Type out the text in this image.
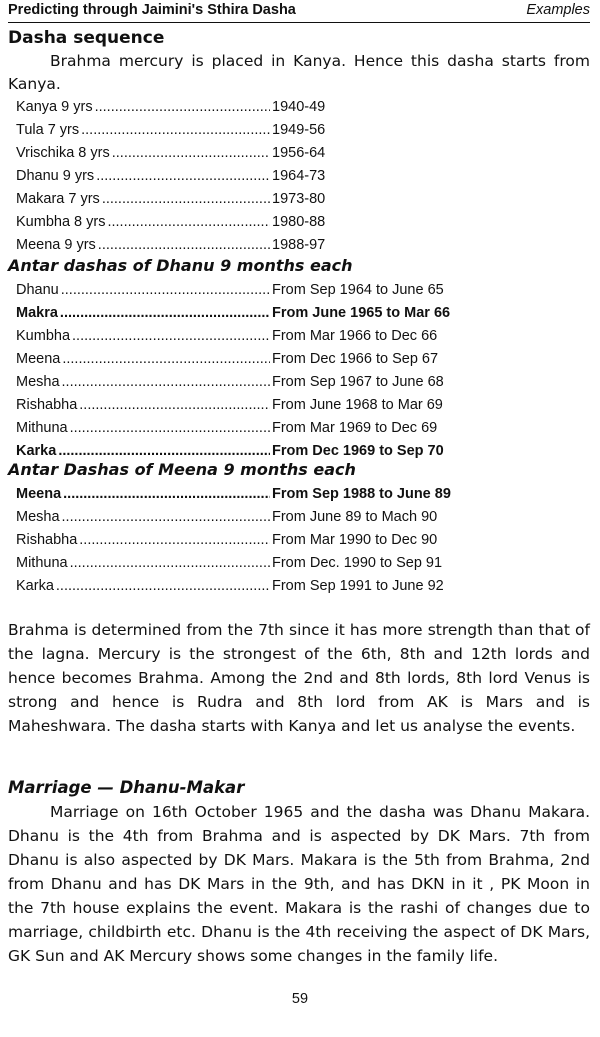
Predicting through Jaimini's Sthira Dasha	Examples
Dasha sequence
Brahma mercury is placed in Kanya. Hence this dasha starts from Kanya.
Kanya 9 yrs .....	1940-49
Tula 7 yrs .....	1949-56
Vrischika 8 yrs .....	1956-64
Dhanu 9 yrs .....	1964-73
Makara 7 yrs .....	1973-80
Kumbha 8 yrs .....	1980-88
Meena 9 yrs .....	1988-97
Antar dashas of Dhanu 9 months each
Dhanu .....	From Sep 1964 to June 65
Makra .....	From June 1965 to Mar 66
Kumbha .....	From Mar 1966 to Dec 66
Meena .....	From Dec 1966 to Sep 67
Mesha .....	From Sep 1967 to June 68
Rishabha .....	From June 1968 to Mar 69
Mithuna .....	From Mar 1969 to Dec 69
Karka .....	From Dec 1969 to Sep 70
Antar Dashas of Meena 9 months each
Meena .....	From Sep 1988 to June 89
Mesha .....	From June 89 to Mach 90
Rishabha .....	From Mar 1990 to Dec 90
Mithuna .....	From Dec. 1990 to Sep 91
Karka .....	From Sep 1991 to June 92
Brahma is determined from the 7th since it has more strength than that of the lagna. Mercury is the strongest of the 6th, 8th and 12th lords and hence becomes Brahma. Among the 2nd and 8th lords, 8th lord Venus is strong and hence is Rudra and 8th lord from AK is Mars and is Maheshwara. The dasha starts with Kanya and let us analyse the events.
Marriage — Dhanu-Makar
Marriage on 16th October 1965 and the dasha was Dhanu Makara. Dhanu is the 4th from Brahma and is aspected by DK Mars. 7th from Dhanu is also aspected by DK Mars. Makara is the 5th from Brahma, 2nd from Dhanu and has DK Mars in the 9th, and has DKN in it , PK Moon in the 7th house explains the event. Makara is the rashi of changes due to marriage, childbirth etc. Dhanu is the 4th receiving the aspect of DK Mars, GK Sun and AK Mercury shows some changes in the family life.
59
